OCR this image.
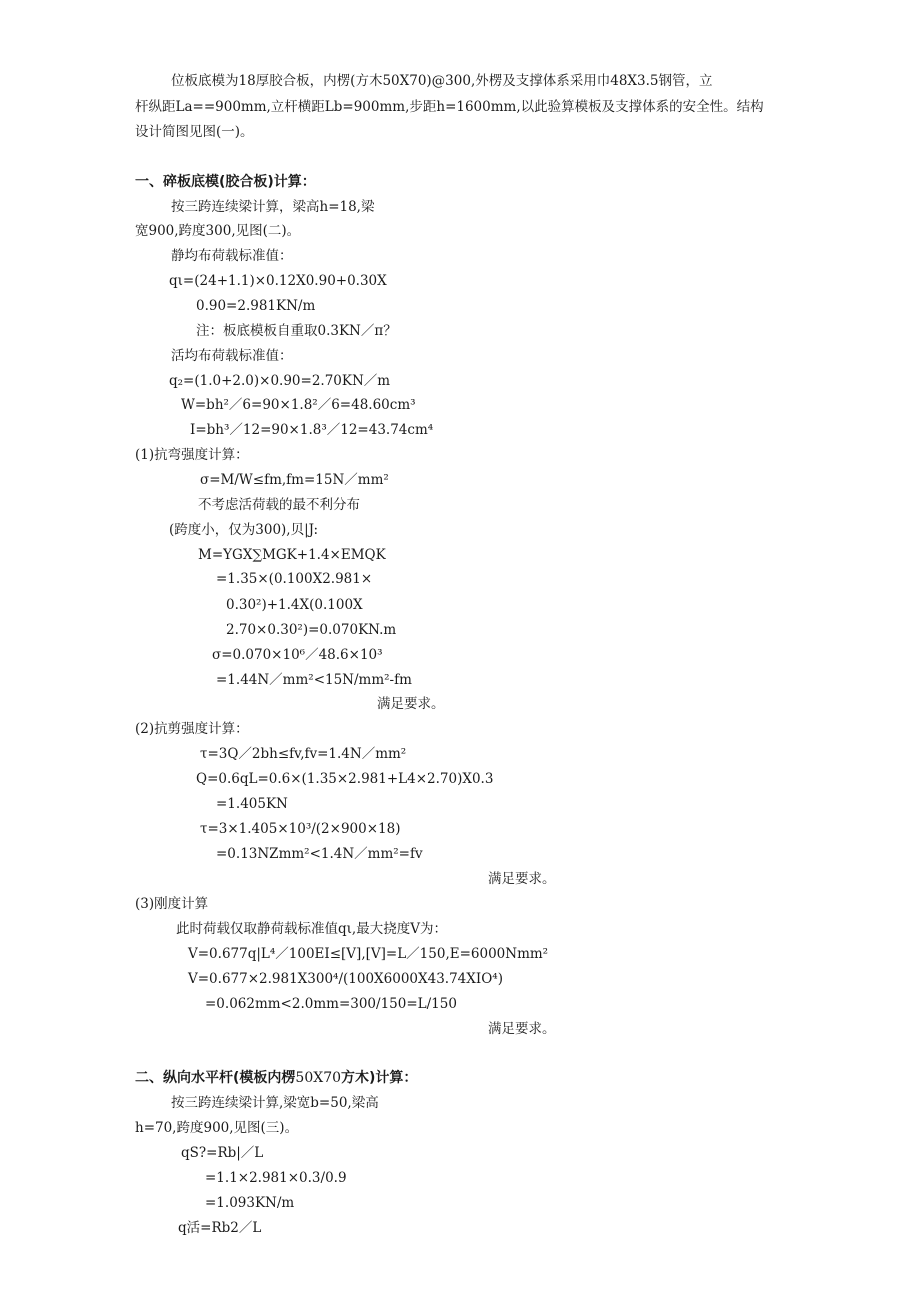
位板底模为18厚胶合板，内楞(方木50X70)@300,外楞及支撑体系采用巾48X3.5钢管，立
杆纵距La==900mm,立杆横距Lb=900mm,步距h=1600mm,以此验算模板及支撑体系的安全性。结构
设计简图见图(一)。
一、碎板底模(胶合板)计算：
按三跨连续梁计算，梁高h=18,梁
宽900,跨度300,见图(二)。
静均布荷载标准值：
qι=(24+1.1)×0.12X0.90+0.30X
0.90=2.981KN/m
注：板底模板自重取0.3KN／π？
活均布荷载标准值：
q₂=(1.0+2.0)×0.90=2.70KN／m
W=bh²／6=90×1.8²／6=48.60cm³
I=bh³／12=90×1.8³／12=43.74cm⁴
(1)抗弯强度计算：
σ=M/W≤fm,fm=15N／mm²
不考虑活荷载的最不利分布
(跨度小，仅为300),贝|J:
M=YGX∑MGK+1.4×EMQK
=1.35×(0.100X2.981×
0.30²)+1.4X(0.100X
2.70×0.30²)=0.070KN.m
σ=0.070×10⁶／48.6×10³
=1.44N／mm²<15N/mm²-fm
满足要求。
(2)抗剪强度计算：
τ=3Q／2bh≤fv,fv=1.4N／mm²
Q=0.6qL=0.6×(1.35×2.981+L4×2.70)X0.3
=1.405KN
τ=3×1.405×10³/(2×900×18)
=0.13NZmm²<1.4N／mm²=fv
满足要求。
(3)刚度计算
此时荷载仅取静荷载标准值qι,最大挠度V为：
V=0.677q|L⁴／100EI≤[V],[V]=L／150,E=6000Nmm²
V=0.677×2.981X300⁴/(100X6000X43.74XIO⁴)
=0.062mm<2.0mm=300/150=L/150
满足要求。
二、纵向水平杆(模板内楞50X70方木)计算：
按三跨连续梁计算,梁宽b=50,梁高
h=70,跨度900,见图(三)。
qS?=Rb|／L
=1.1×2.981×0.3/0.9
=1.093KN/m
q活=Rb2／L
